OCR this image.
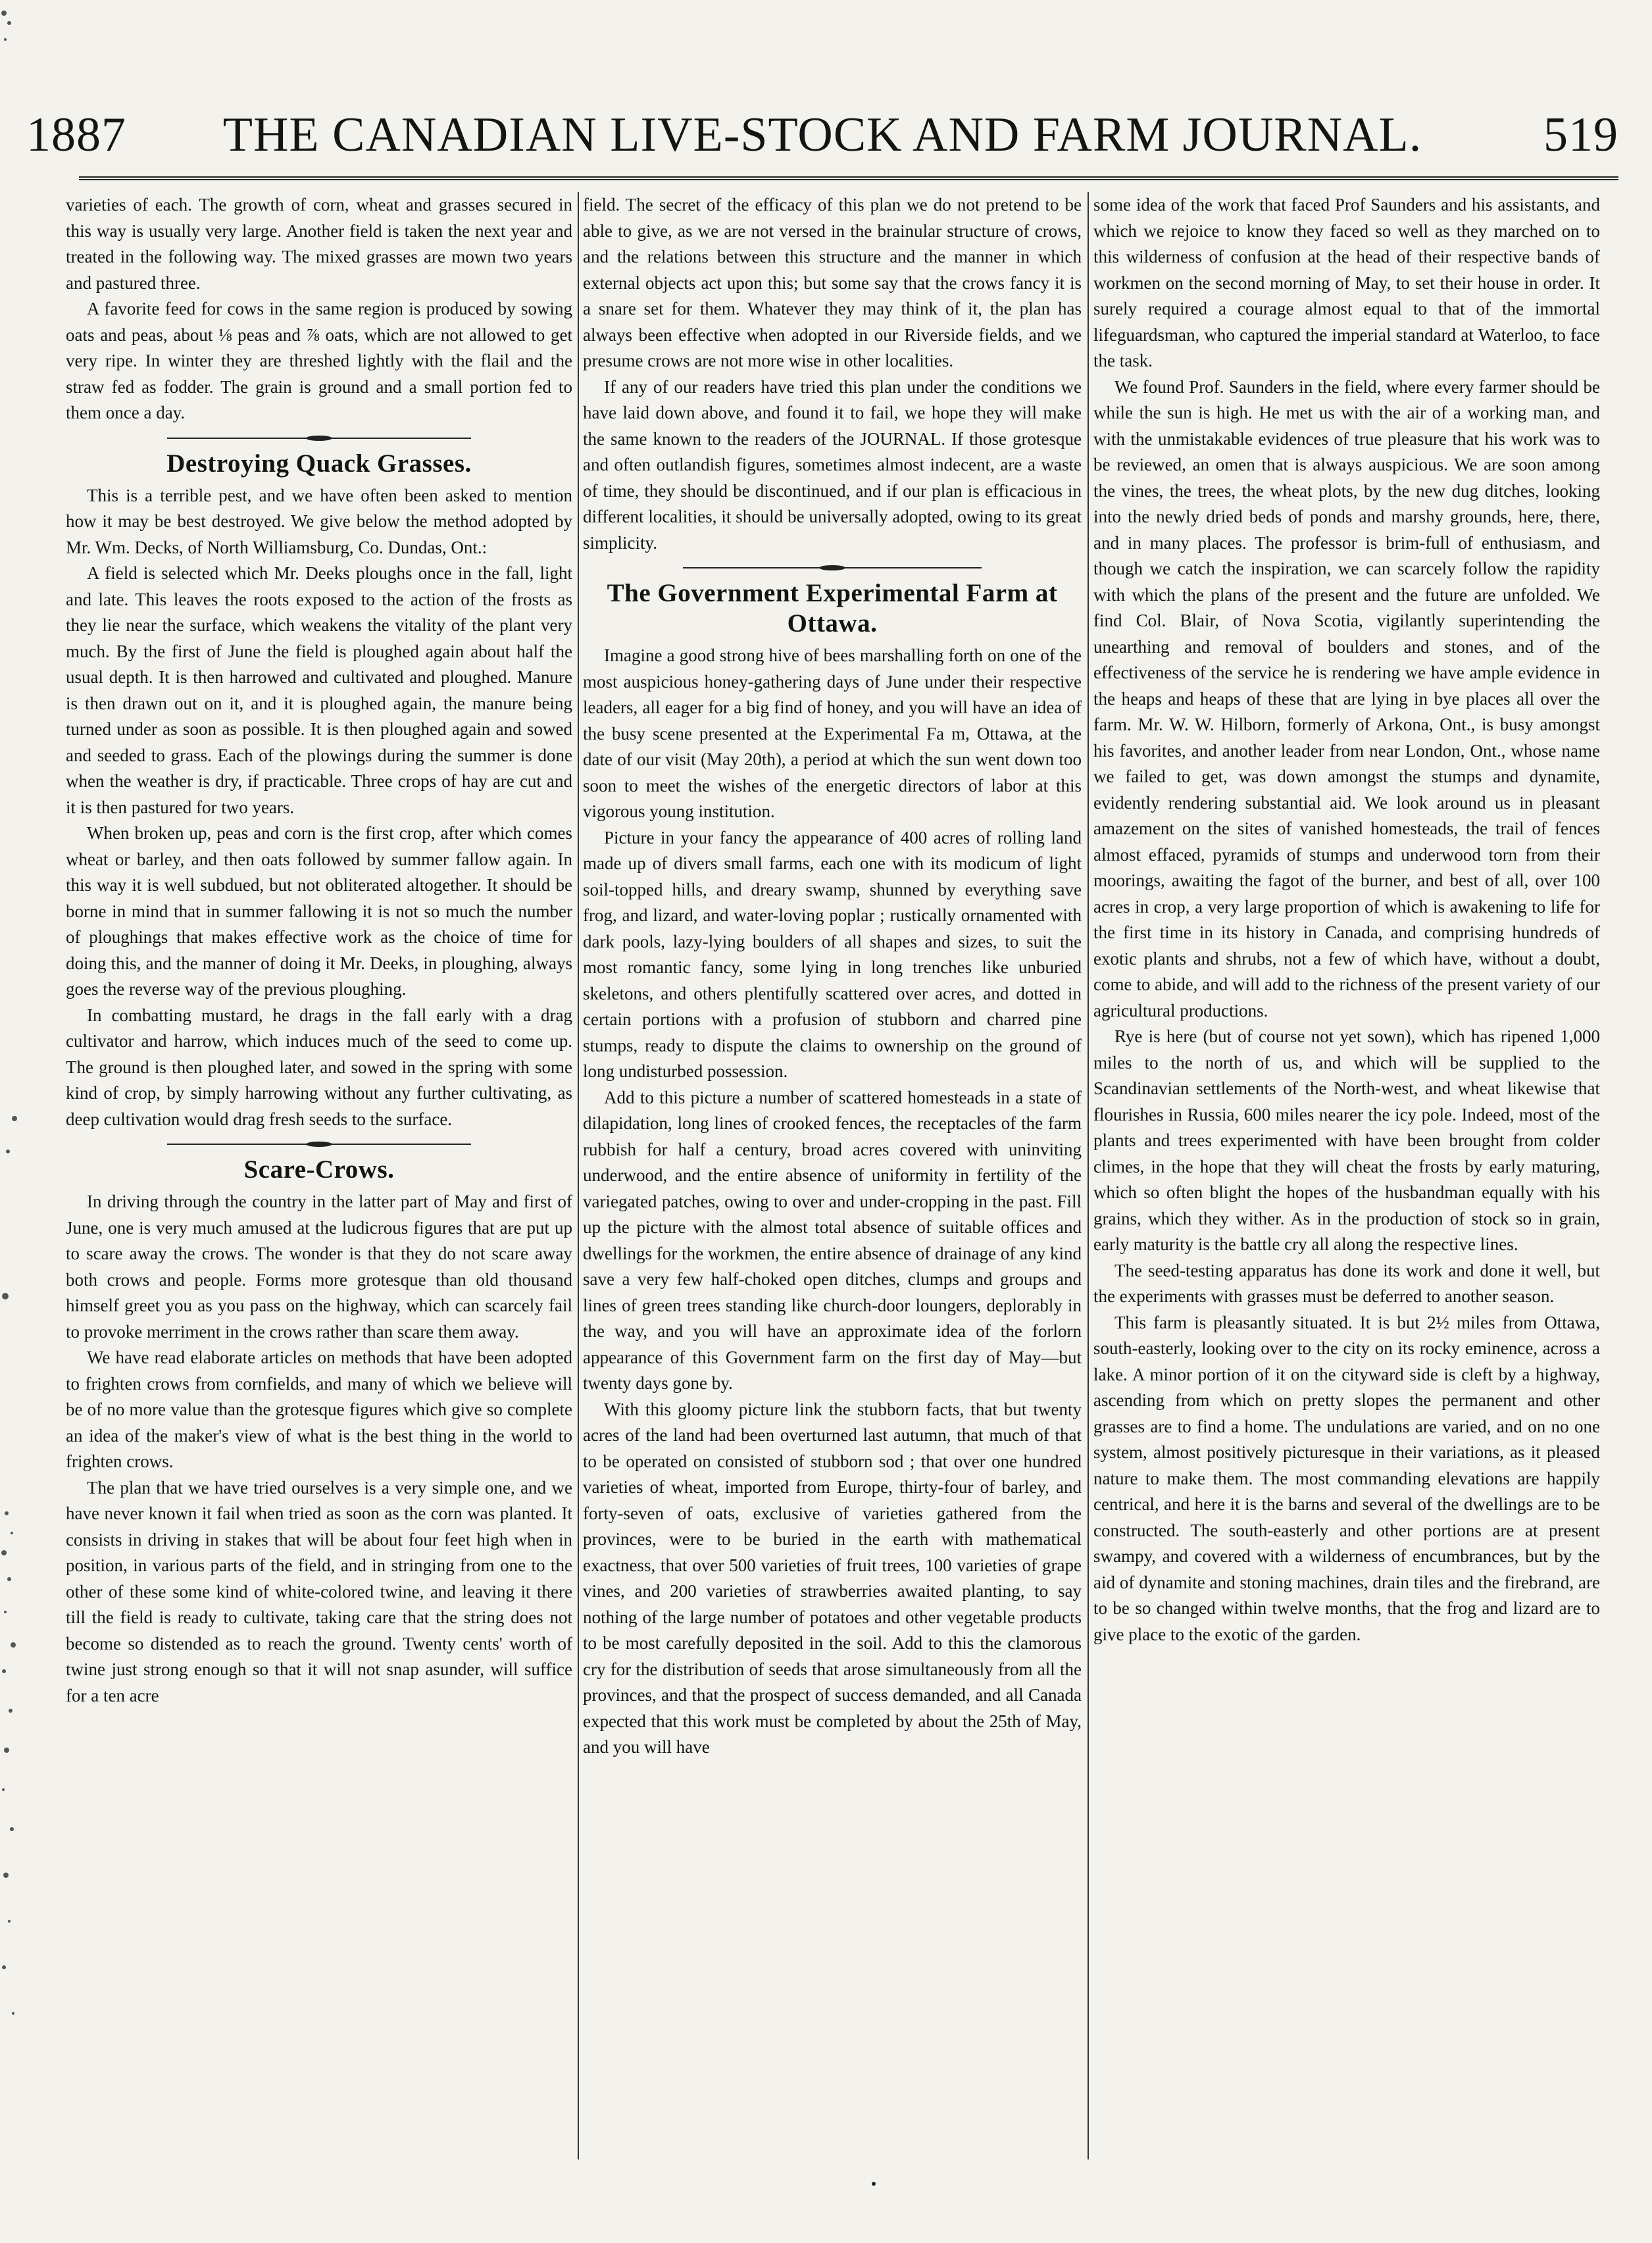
1887	THE CANADIAN LIVE-STOCK AND FARM JOURNAL.	519

varieties of each. The growth of corn, wheat and grasses secured in this way is usually very large. Another field is taken the next year and treated in the following way. The mixed grasses are mown two years and pastured three.

A favorite feed for cows in the same region is produced by sowing oats and peas, about ⅛ peas and ⅞ oats, which are not allowed to get very ripe. In winter they are threshed lightly with the flail and the straw fed as fodder. The grain is ground and a small portion fed to them once a day.

Destroying Quack Grasses.

This is a terrible pest, and we have often been asked to mention how it may be best destroyed. We give below the method adopted by Mr. Wm. Decks, of North Williamsburg, Co. Dundas, Ont.:

A field is selected which Mr. Deeks ploughs once in the fall, light and late. This leaves the roots exposed to the action of the frosts as they lie near the surface, which weakens the vitality of the plant very much. By the first of June the field is ploughed again about half the usual depth. It is then harrowed and cultivated and ploughed. Manure is then drawn out on it, and it is ploughed again, the manure being turned under as soon as possible. It is then ploughed again and sowed and seeded to grass. Each of the plowings during the summer is done when the weather is dry, if practicable. Three crops of hay are cut and it is then pastured for two years.

When broken up, peas and corn is the first crop, after which comes wheat or barley, and then oats followed by summer fallow again. In this way it is well subdued, but not obliterated altogether. It should be borne in mind that in summer fallowing it is not so much the number of ploughings that makes effective work as the choice of time for doing this, and the manner of doing it Mr. Deeks, in ploughing, always goes the reverse way of the previous ploughing.

In combatting mustard, he drags in the fall early with a drag cultivator and harrow, which induces much of the seed to come up. The ground is then ploughed later, and sowed in the spring with some kind of crop, by simply harrowing without any further cultivating, as deep cultivation would drag fresh seeds to the surface.

Scare-Crows.

In driving through the country in the latter part of May and first of June, one is very much amused at the ludicrous figures that are put up to scare away the crows. The wonder is that they do not scare away both crows and people. Forms more grotesque than old thousand himself greet you as you pass on the highway, which can scarcely fail to provoke merriment in the crows rather than scare them away.

We have read elaborate articles on methods that have been adopted to frighten crows from cornfields, and many of which we believe will be of no more value than the grotesque figures which give so complete an idea of the maker's view of what is the best thing in the world to frighten crows.

The plan that we have tried ourselves is a very simple one, and we have never known it fail when tried as soon as the corn was planted. It consists in driving in stakes that will be about four feet high when in position, in various parts of the field, and in stringing from one to the other of these some kind of white-colored twine, and leaving it there till the field is ready to cultivate, taking care that the string does not become so distended as to reach the ground. Twenty cents' worth of twine just strong enough so that it will not snap asunder, will suffice for a ten acre

field. The secret of the efficacy of this plan we do not pretend to be able to give, as we are not versed in the brainular structure of crows, and the relations between this structure and the manner in which external objects act upon this; but some say that the crows fancy it is a snare set for them. Whatever they may think of it, the plan has always been effective when adopted in our Riverside fields, and we presume crows are not more wise in other localities.

If any of our readers have tried this plan under the conditions we have laid down above, and found it to fail, we hope they will make the same known to the readers of the JOURNAL. If those grotesque and often outlandish figures, sometimes almost indecent, are a waste of time, they should be discontinued, and if our plan is efficacious in different localities, it should be universally adopted, owing to its great simplicity.

The Government Experimental Farm at Ottawa.

Imagine a good strong hive of bees marshalling forth on one of the most auspicious honey-gathering days of June under their respective leaders, all eager for a big find of honey, and you will have an idea of the busy scene presented at the Experimental Fa m, Ottawa, at the date of our visit (May 20th), a period at which the sun went down too soon to meet the wishes of the energetic directors of labor at this vigorous young institution.

Picture in your fancy the appearance of 400 acres of rolling land made up of divers small farms, each one with its modicum of light soil-topped hills, and dreary swamp, shunned by everything save frog, and lizard, and water-loving poplar ; rustically ornamented with dark pools, lazy-lying boulders of all shapes and sizes, to suit the most romantic fancy, some lying in long trenches like unburied skeletons, and others plentifully scattered over acres, and dotted in certain portions with a profusion of stubborn and charred pine stumps, ready to dispute the claims to ownership on the ground of long undisturbed possession.

Add to this picture a number of scattered homesteads in a state of dilapidation, long lines of crooked fences, the receptacles of the farm rubbish for half a century, broad acres covered with uninviting underwood, and the entire absence of uniformity in fertility of the variegated patches, owing to over and under-cropping in the past. Fill up the picture with the almost total absence of suitable offices and dwellings for the workmen, the entire absence of drainage of any kind save a very few half-choked open ditches, clumps and groups and lines of green trees standing like church-door loungers, deplorably in the way, and you will have an approximate idea of the forlorn appearance of this Government farm on the first day of May—but twenty days gone by.

With this gloomy picture link the stubborn facts, that but twenty acres of the land had been overturned last autumn, that much of that to be operated on consisted of stubborn sod ; that over one hundred varieties of wheat, imported from Europe, thirty-four of barley, and forty-seven of oats, exclusive of varieties gathered from the provinces, were to be buried in the earth with mathematical exactness, that over 500 varieties of fruit trees, 100 varieties of grape vines, and 200 varieties of strawberries awaited planting, to say nothing of the large number of potatoes and other vegetable products to be most carefully deposited in the soil. Add to this the clamorous cry for the distribution of seeds that arose simultaneously from all the provinces, and that the prospect of success demanded, and all Canada expected that this work must be completed by about the 25th of May, and you will have

some idea of the work that faced Prof Saunders and his assistants, and which we rejoice to know they faced so well as they marched on to this wilderness of confusion at the head of their respective bands of workmen on the second morning of May, to set their house in order. It surely required a courage almost equal to that of the immortal lifeguardsman, who captured the imperial standard at Waterloo, to face the task.

We found Prof. Saunders in the field, where every farmer should be while the sun is high. He met us with the air of a working man, and with the unmistakable evidences of true pleasure that his work was to be reviewed, an omen that is always auspicious. We are soon among the vines, the trees, the wheat plots, by the new dug ditches, looking into the newly dried beds of ponds and marshy grounds, here, there, and in many places. The professor is brim-full of enthusiasm, and though we catch the inspiration, we can scarcely follow the rapidity with which the plans of the present and the future are unfolded. We find Col. Blair, of Nova Scotia, vigilantly superintending the unearthing and removal of boulders and stones, and of the effectiveness of the service he is rendering we have ample evidence in the heaps and heaps of these that are lying in bye places all over the farm. Mr. W. W. Hilborn, formerly of Arkona, Ont., is busy amongst his favorites, and another leader from near London, Ont., whose name we failed to get, was down amongst the stumps and dynamite, evidently rendering substantial aid. We look around us in pleasant amazement on the sites of vanished homesteads, the trail of fences almost effaced, pyramids of stumps and underwood torn from their moorings, awaiting the fagot of the burner, and best of all, over 100 acres in crop, a very large proportion of which is awakening to life for the first time in its history in Canada, and comprising hundreds of exotic plants and shrubs, not a few of which have, without a doubt, come to abide, and will add to the richness of the present variety of our agricultural productions.

Rye is here (but of course not yet sown), which has ripened 1,000 miles to the north of us, and which will be supplied to the Scandinavian settlements of the North-west, and wheat likewise that flourishes in Russia, 600 miles nearer the icy pole. Indeed, most of the plants and trees experimented with have been brought from colder climes, in the hope that they will cheat the frosts by early maturing, which so often blight the hopes of the husbandman equally with his grains, which they wither. As in the production of stock so in grain, early maturity is the battle cry all along the respective lines.

The seed-testing apparatus has done its work and done it well, but the experiments with grasses must be deferred to another season.

This farm is pleasantly situated. It is but 2½ miles from Ottawa, south-easterly, looking over to the city on its rocky eminence, across a lake. A minor portion of it on the cityward side is cleft by a highway, ascending from which on pretty slopes the permanent and other grasses are to find a home. The undulations are varied, and on no one system, almost positively picturesque in their variations, as it pleased nature to make them. The most commanding elevations are happily centrical, and here it is the barns and several of the dwellings are to be constructed. The south-easterly and other portions are at present swampy, and covered with a wilderness of encumbrances, but by the aid of dynamite and stoning machines, drain tiles and the firebrand, are to be so changed within twelve months, that the frog and lizard are to give place to the exotic of the garden.
